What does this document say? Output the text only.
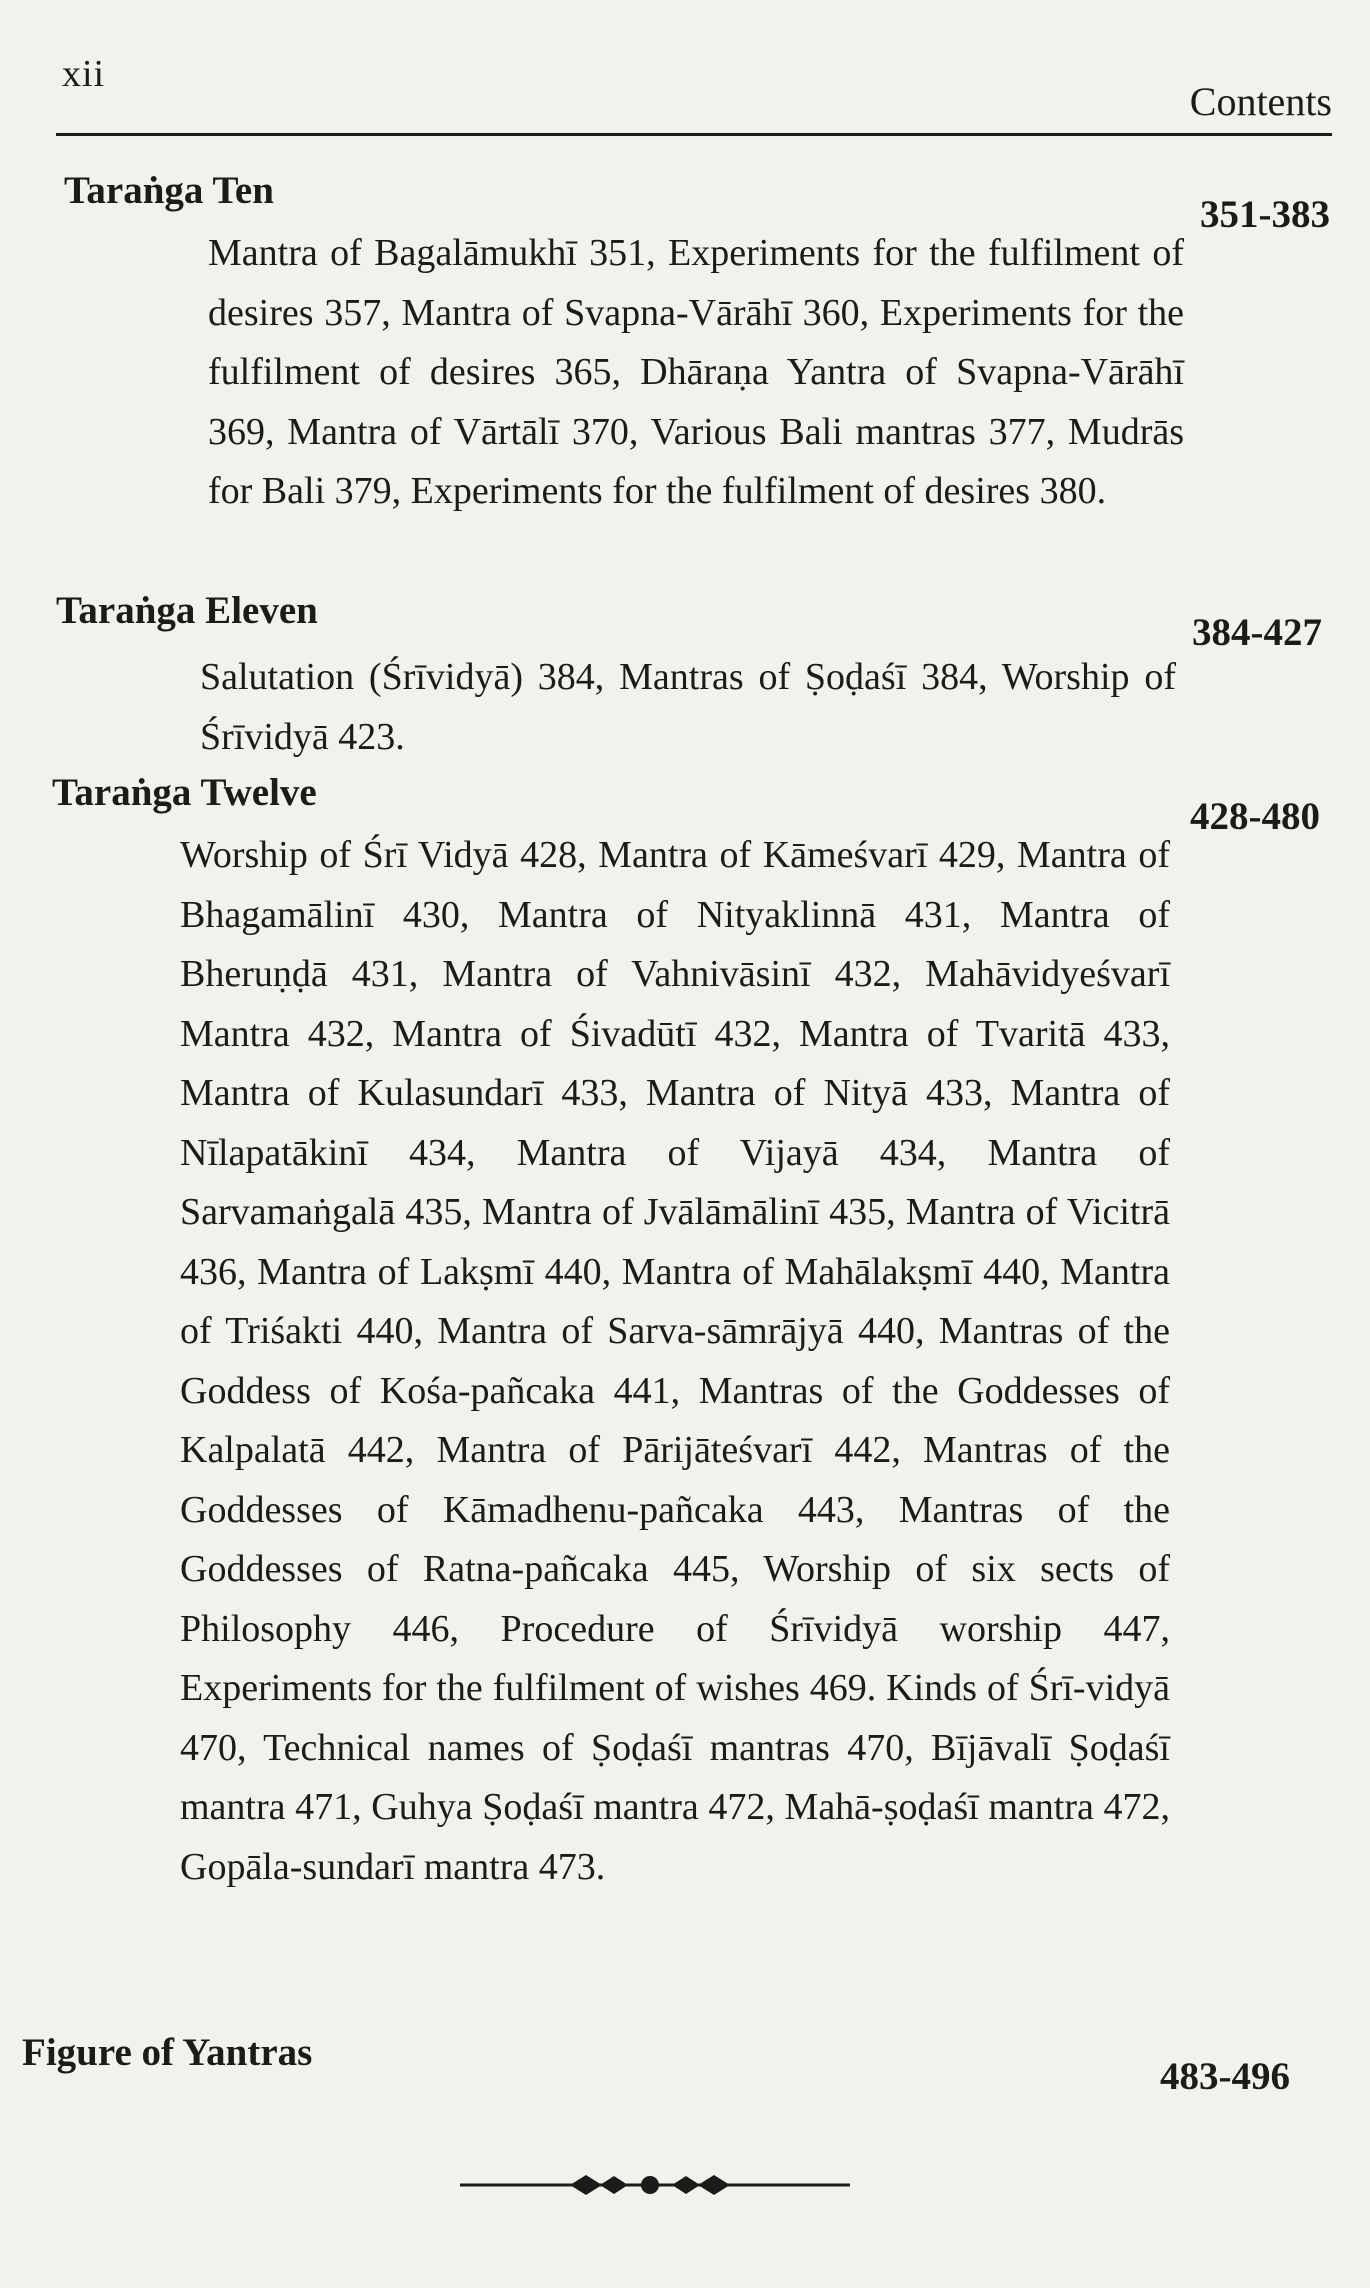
xii
Contents
Taraṅga Ten
351-383
Mantra of Bagalāmukhī 351, Experiments for the fulfilment of desires 357, Mantra of Svapna-Vārāhī 360, Experiments for the fulfilment of desires 365, Dhāraṇa Yantra of Svapna-Vārāhī 369, Mantra of Vārtālī 370, Various Bali mantras 377, Mudrās for Bali 379, Experiments for the fulfilment of desires 380.
Taraṅga Eleven
384-427
Salutation (Śrīvidyā) 384, Mantras of Ṣoḍaśī 384, Worship of Śrīvidyā 423.
Taraṅga Twelve
428-480
Worship of Śrī Vidyā 428, Mantra of Kāmeśvarī 429, Mantra of Bhagamālinī 430, Mantra of Nityaklinnā 431, Mantra of Bheruṇḍā 431, Mantra of Vahnivāsinī 432, Mahāvidyeśvarī Mantra 432, Mantra of Śivadūtī 432, Mantra of Tvaritā 433, Mantra of Kulasundarī 433, Mantra of Nityā 433, Mantra of Nīlapatākinī 434, Mantra of Vijayā 434, Mantra of Sarvamaṅgalā 435, Mantra of Jvālāmālinī 435, Mantra of Vicitrā 436, Mantra of Lakṣmī 440, Mantra of Mahālakṣmī 440, Mantra of Triśakti 440, Mantra of Sarva-sāmrājyā 440, Mantras of the Goddess of Kośa-pañcaka 441, Mantras of the Goddesses of Kalpalatā 442, Mantra of Pārijāteśvarī 442, Mantras of the Goddesses of Kāmadhenu-pañcaka 443, Mantras of the Goddesses of Ratna-pañcaka 445, Worship of six sects of Philosophy 446, Procedure of Śrīvidyā worship 447, Experiments for the fulfilment of wishes 469. Kinds of Śrī-vidyā 470, Technical names of Ṣoḍaśī mantras 470, Bījāvalī Ṣoḍaśī mantra 471, Guhya Ṣoḍaśī mantra 472, Mahā-ṣoḍaśī mantra 472, Gopāla-sundarī mantra 473.
Figure of Yantras
483-496
